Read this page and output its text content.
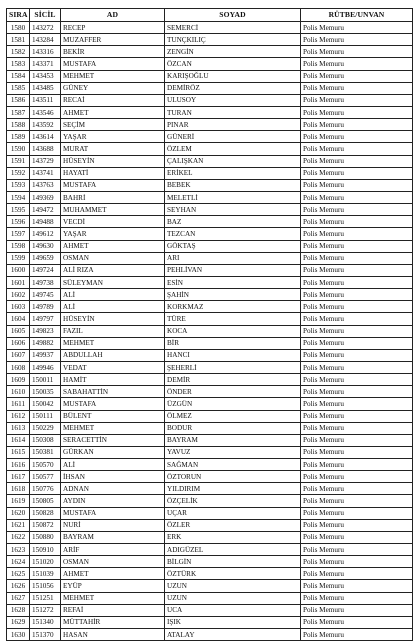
SIRA	SİCİL	AD	SOYAD	RÜTBE/UNVAN
1580	143272	RECEP	SEMERCİ	Polis Memuru
1581	143284	MUZAFFER	TUNÇKILIÇ	Polis Memuru
1582	143316	BEKİR	ZENGİN	Polis Memuru
1583	143371	MUSTAFA	ÖZCAN	Polis Memuru
1584	143453	MEHMET	KARIŞOĞLU	Polis Memuru
1585	143485	GÜNEY	DEMİRÖZ	Polis Memuru
1586	143511	RECAİ	ULUSOY	Polis Memuru
1587	143546	AHMET	TURAN	Polis Memuru
1588	143592	SEÇİM	PINAR	Polis Memuru
1589	143614	YAŞAR	GÜNERİ	Polis Memuru
1590	143688	MURAT	ÖZLEM	Polis Memuru
1591	143729	HÜSEYİN	ÇALIŞKAN	Polis Memuru
1592	143741	HAYATİ	ERİKEL	Polis Memuru
1593	143763	MUSTAFA	BEBEK	Polis Memuru
1594	149369	BAHRİ	MELETLİ	Polis Memuru
1595	149472	MUHAMMET	SEYHAN	Polis Memuru
1596	149488	VECDİ	BAZ	Polis Memuru
1597	149612	YAŞAR	TEZCAN	Polis Memuru
1598	149630	AHMET	GÖKTAŞ	Polis Memuru
1599	149659	OSMAN	ARI	Polis Memuru
1600	149724	ALİ RIZA	PEHLİVAN	Polis Memuru
1601	149738	SÜLEYMAN	ESİN	Polis Memuru
1602	149745	ALİ	ŞAHİN	Polis Memuru
1603	149789	ALİ	KORKMAZ	Polis Memuru
1604	149797	HÜSEYİN	TÜRE	Polis Memuru
1605	149823	FAZIL	KOCA	Polis Memuru
1606	149882	MEHMET	BİR	Polis Memuru
1607	149937	ABDULLAH	HANCI	Polis Memuru
1608	149946	VEDAT	ŞEHERLİ	Polis Memuru
1609	150011	HAMİT	DEMİR	Polis Memuru
1610	150035	SABAHATTİN	ÖNDER	Polis Memuru
1611	150042	MUSTAFA	ÜZGÜN	Polis Memuru
1612	150111	BÜLENT	ÖLMEZ	Polis Memuru
1613	150229	MEHMET	BODUR	Polis Memuru
1614	150308	SERACETTİN	BAYRAM	Polis Memuru
1615	150381	GÜRKAN	YAVUZ	Polis Memuru
1616	150570	ALİ	SAĞMAN	Polis Memuru
1617	150577	İHSAN	ÖZTORUN	Polis Memuru
1618	150776	ADNAN	YILDIRIM	Polis Memuru
1619	150805	AYDIN	ÖZÇELİK	Polis Memuru
1620	150828	MUSTAFA	UÇAR	Polis Memuru
1621	150872	NURİ	ÖZLER	Polis Memuru
1622	150880	BAYRAM	ERK	Polis Memuru
1623	150910	ARİF	ADIGÜZEL	Polis Memuru
1624	151020	OSMAN	BİLGİN	Polis Memuru
1625	151039	AHMET	ÖZTÜRK	Polis Memuru
1626	151056	EYÜP	UZUN	Polis Memuru
1627	151251	MEHMET	UZUN	Polis Memuru
1628	151272	REFAİ	UCA	Polis Memuru
1629	151340	MÜTTAHİR	IŞIK	Polis Memuru
1630	151370	HASAN	ATALAY	Polis Memuru
